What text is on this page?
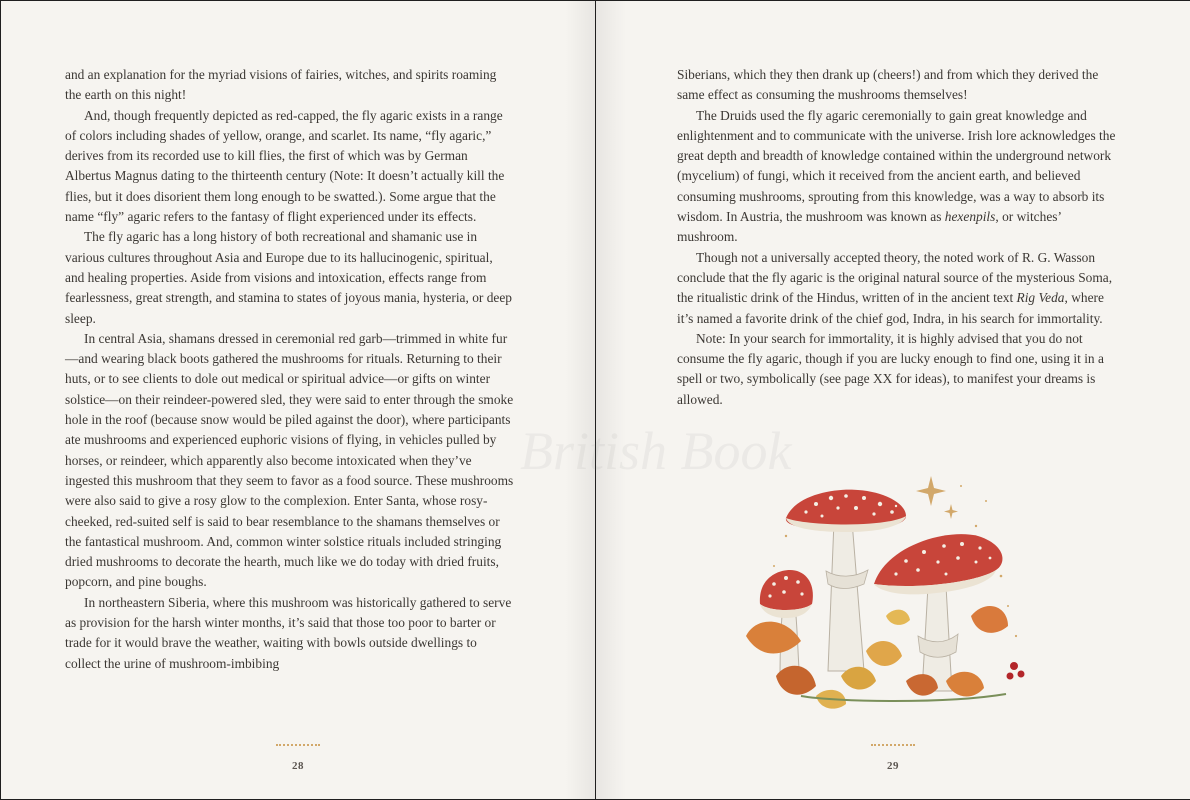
and an explanation for the myriad visions of fairies, witches, and spirits roaming the earth on this night!

And, though frequently depicted as red-capped, the fly agaric exists in a range of colors including shades of yellow, orange, and scarlet. Its name, “fly agaric,” derives from its recorded use to kill flies, the first of which was by German Albertus Magnus dating to the thirteenth century (Note: It doesn’t actually kill the flies, but it does disorient them long enough to be swatted.). Some argue that the name “fly” agaric refers to the fantasy of flight experienced under its effects.

The fly agaric has a long history of both recreational and shamanic use in various cultures throughout Asia and Europe due to its hallucinogenic, spiritual, and healing properties. Aside from visions and intoxication, effects range from fearlessness, great strength, and stamina to states of joyous mania, hysteria, or deep sleep.

In central Asia, shamans dressed in ceremonial red garb—trimmed in white fur—and wearing black boots gathered the mushrooms for rituals. Returning to their huts, or to see clients to dole out medical or spiritual advice—or gifts on winter solstice—on their reindeer-powered sled, they were said to enter through the smoke hole in the roof (because snow would be piled against the door), where participants ate mushrooms and experienced euphoric visions of flying, in vehicles pulled by horses, or reindeer, which apparently also become intoxicated when they’ve ingested this mushroom that they seem to favor as a food source. These mushrooms were also said to give a rosy glow to the complexion. Enter Santa, whose rosy-cheeked, red-suited self is said to bear resemblance to the shamans themselves or the fantastical mushroom. And, common winter solstice rituals included stringing dried mushrooms to decorate the hearth, much like we do today with dried fruits, popcorn, and pine boughs.

In northeastern Siberia, where this mushroom was historically gathered to serve as provision for the harsh winter months, it’s said that those too poor to barter or trade for it would brave the weather, waiting with bowls outside dwellings to collect the urine of mushroom-imbibing

28

Siberians, which they then drank up (cheers!) and from which they derived the same effect as consuming the mushrooms themselves!

The Druids used the fly agaric ceremonially to gain great knowledge and enlightenment and to communicate with the universe. Irish lore acknowledges the great depth and breadth of knowledge contained within the underground network (mycelium) of fungi, which it received from the ancient earth, and believed consuming mushrooms, sprouting from this knowledge, was a way to absorb its wisdom. In Austria, the mushroom was known as hexenpils, or witches’ mushroom.

Though not a universally accepted theory, the noted work of R. G. Wasson conclude that the fly agaric is the original natural source of the mysterious Soma, the ritualistic drink of the Hindus, written of in the ancient text Rig Veda, where it’s named a favorite drink of the chief god, Indra, in his search for immortality.

Note: In your search for immortality, it is highly advised that you do not consume the fly agaric, though if you are lucky enough to find one, using it in a spell or two, symbolically (see page XX for ideas), to manifest your dreams is allowed.

29
